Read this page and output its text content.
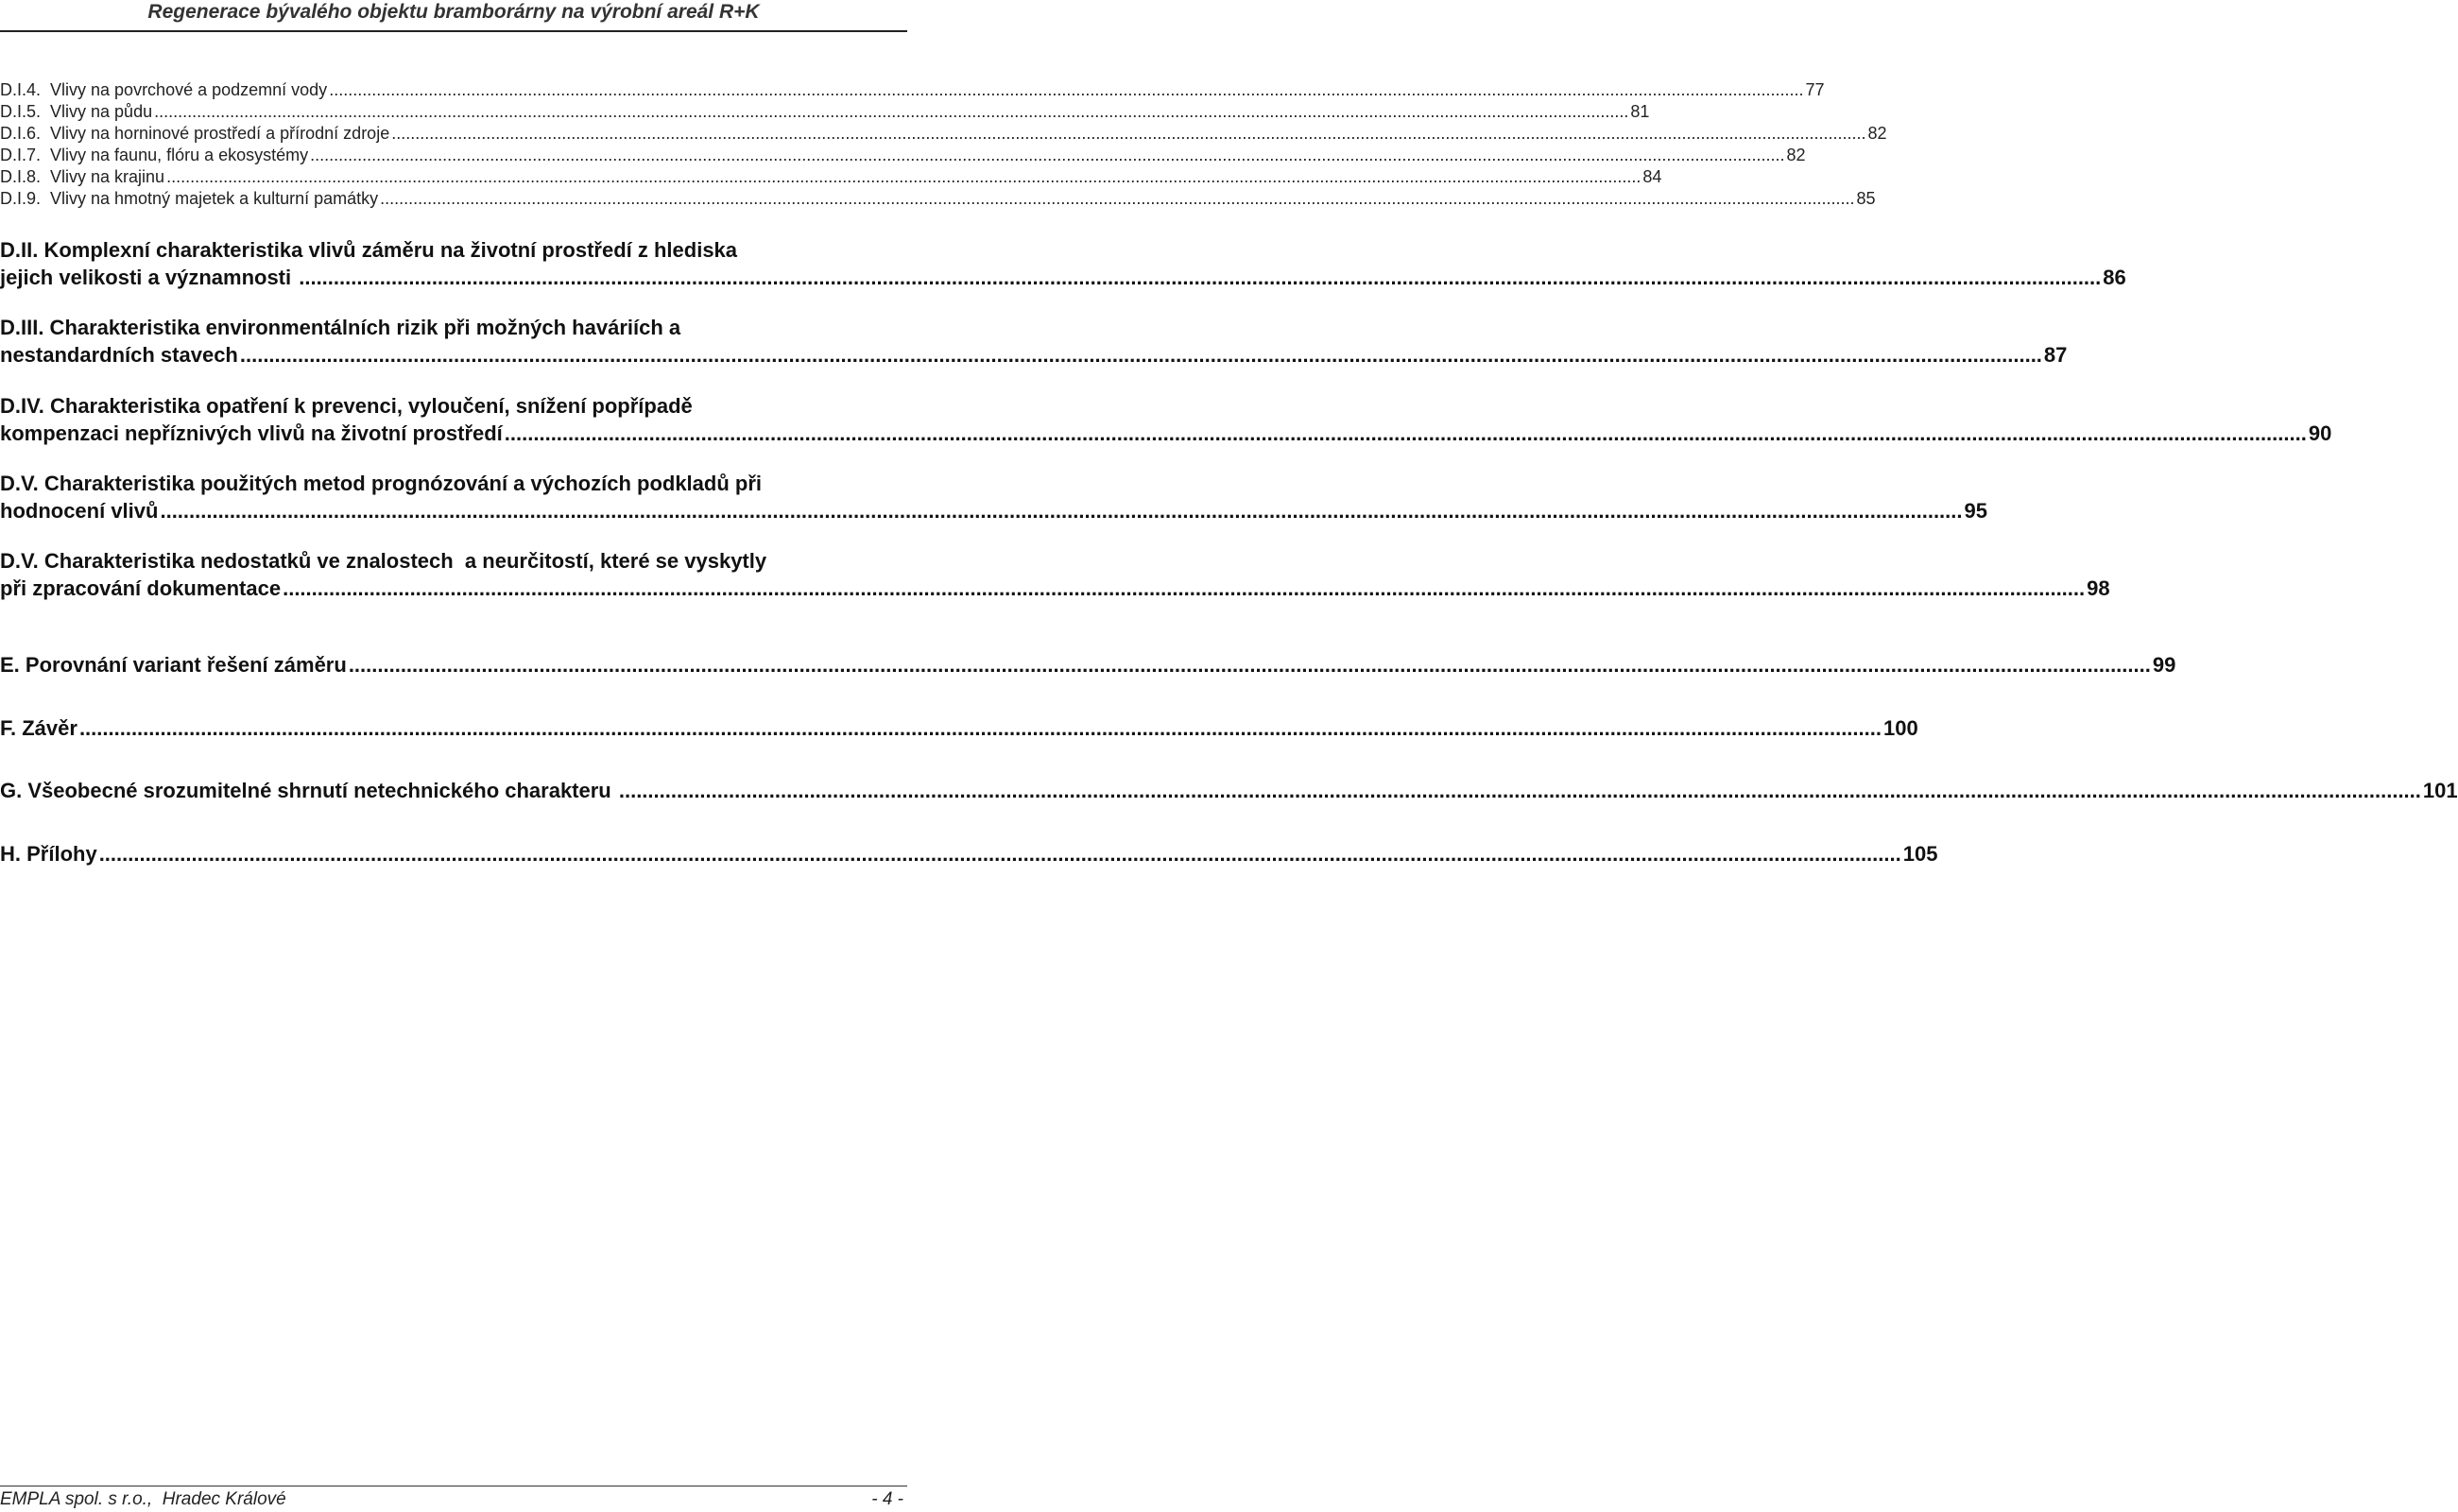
Regenerace bývalého objektu bramborárny na výrobní areál R+K
D.I.4.  Vlivy na povrchové a podzemní vody .....	77
D.I.5.  Vlivy na půdu .....	81
D.I.6.  Vlivy na horninové prostředí a přírodní zdroje .....	82
D.I.7.  Vlivy na faunu, flóru a ekosystémy .....	82
D.I.8.  Vlivy na krajinu .....	84
D.I.9.  Vlivy na hmotný majetek a kulturní památky .....	85
D.II. Komplexní charakteristika vlivů záměru na životní prostředí z hlediska
jejich velikosti a významnosti .....	86
D.III. Charakteristika environmentálních rizik při možných haváriích a
nestandardních stavech .....	87
D.IV. Charakteristika opatření k prevenci, vyloučení, snížení popřípadě
kompenzaci nepříznivých vlivů na životní prostředí .....	90
D.V. Charakteristika použitých metod prognózování a výchozích podkladů při
hodnocení vlivů .....	95
D.V. Charakteristika nedostatků ve znalostech  a neurčitostí, které se vyskytly
při zpracování dokumentace .....	98
E. Porovnání variant řešení záměru .....	99
F. Závěr .....	100
G. Všeobecné srozumitelné shrnutí netechnického charakteru .....	101
H. Přílohy .....	105
EMPLA spol. s r.o.,  Hradec Králové	- 4 -
